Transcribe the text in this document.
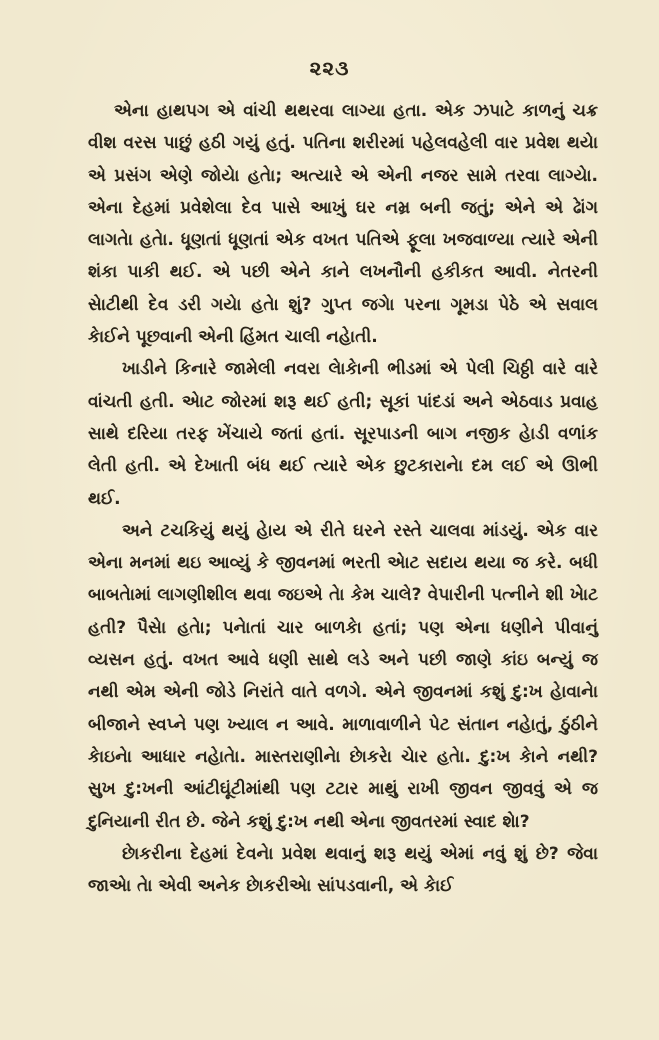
૨૨૩

એના હાથપગ એ વાંચી થથરવા લાગ્યા હતા. એક ઝપાટે કાળનું ચક્ર વીશ વરસ પાછું હઠી ગયું હતું. પતિના શરીરમાં પહેલવહેલી વાર પ્રવેશ થયેા એ પ્રસંગ એણે જોયેા હતેા; અત્યારે એ એની નજર સામે તરવા લાગ્યેા. એના દેહમાં પ્રવેશેલા દેવ પાસે આખું ઘર નમ્ર બની જતું; એને એ ઢેાંગ લાગતેા હતેા. ધૂણતાં ધૂણતાં એક વખત પતિએ ફૂલા ખજવાળ્યા ત્યારે એની શંકા પાકી થઈ. એ પછી એને કાને લખનૌની હકીકત આવી. નેતરની સેાટીથી દેવ ડરી ગયેા હતેા શું? ગુપ્ત જગેા પરના ગૂમડા પેઠે એ સવાલ કેાઈને પૂછવાની એની હિંમત ચાલી નહેાતી.

ખાડીને કિનારે જામેલી નવરા લેાકેાની ભીડમાં એ પેલી ચિઠ્ઠી વારે વારે વાંચતી હતી. એાટ જોરમાં શરૂ થઈ હતી; સૂકાં પાંદડાં અને એઠવાડ પ્રવાહ સાથે દરિયા તરફ ખેંચાયે જતાં હતાં. સૂરપાડની બાગ નજીક હેાડી વળાંક લેતી હતી. એ દેખાતી બંધ થઈ ત્યારે એક છુટકારાનેા દમ લઈ એ ઊભી થઈ.

અને ટચકિયું થયું હેાય એ રીતે ઘરને રસ્તે ચાલવા માંડયું. એક વાર એના મનમાં થઇ આવ્યું કે જીવનમાં ભરતી એાટ સદાય થયા જ કરે. બધી બાબતેામાં લાગણીશીલ થવા જઇએ તેા કેમ ચાલે? વેપારીની પત્નીને શી ખેાટ હતી? પૈસેા હતેા; પનેાતાં ચાર બાળકેા હતાં; પણ એના ધણીને પીવાનું વ્યસન હતું. વખત આવે ધણી સાથે લડે અને પછી જાણે કાંઇ બન્યું જ નથી એમ એની જોડે નિરાંતે વાતે વળગે. એને જીવનમાં કશું દુ:ખ હેાવાનેા બીજાને સ્વપ્ને પણ ખ્યાલ ન આવે. માળાવાળીને પેટ સંતાન નહેાતું, ઠુંઠીને કેાઇનેા આધાર નહેાતેા. માસ્તરાણીનેા છેાકરેા ચેાર હતેા. દુ:ખ કેાને નથી? સુખ દુ:ખની આંટીઘૂંટીમાંથી પણ ટટાર માથું રાખી જીવન જીવવું એ જ દુનિયાની રીત છે. જેને કશું દુ:ખ નથી એના જીવતરમાં સ્વાદ શેા?

છેાકરીના દેહમાં દેવનેા પ્રવેશ થવાનું શરૂ થયું એમાં નવું શું છે? જેવા જાએા તેા એવી અનેક છેાકરીએા સાંપડવાની, એ કેાઈ
